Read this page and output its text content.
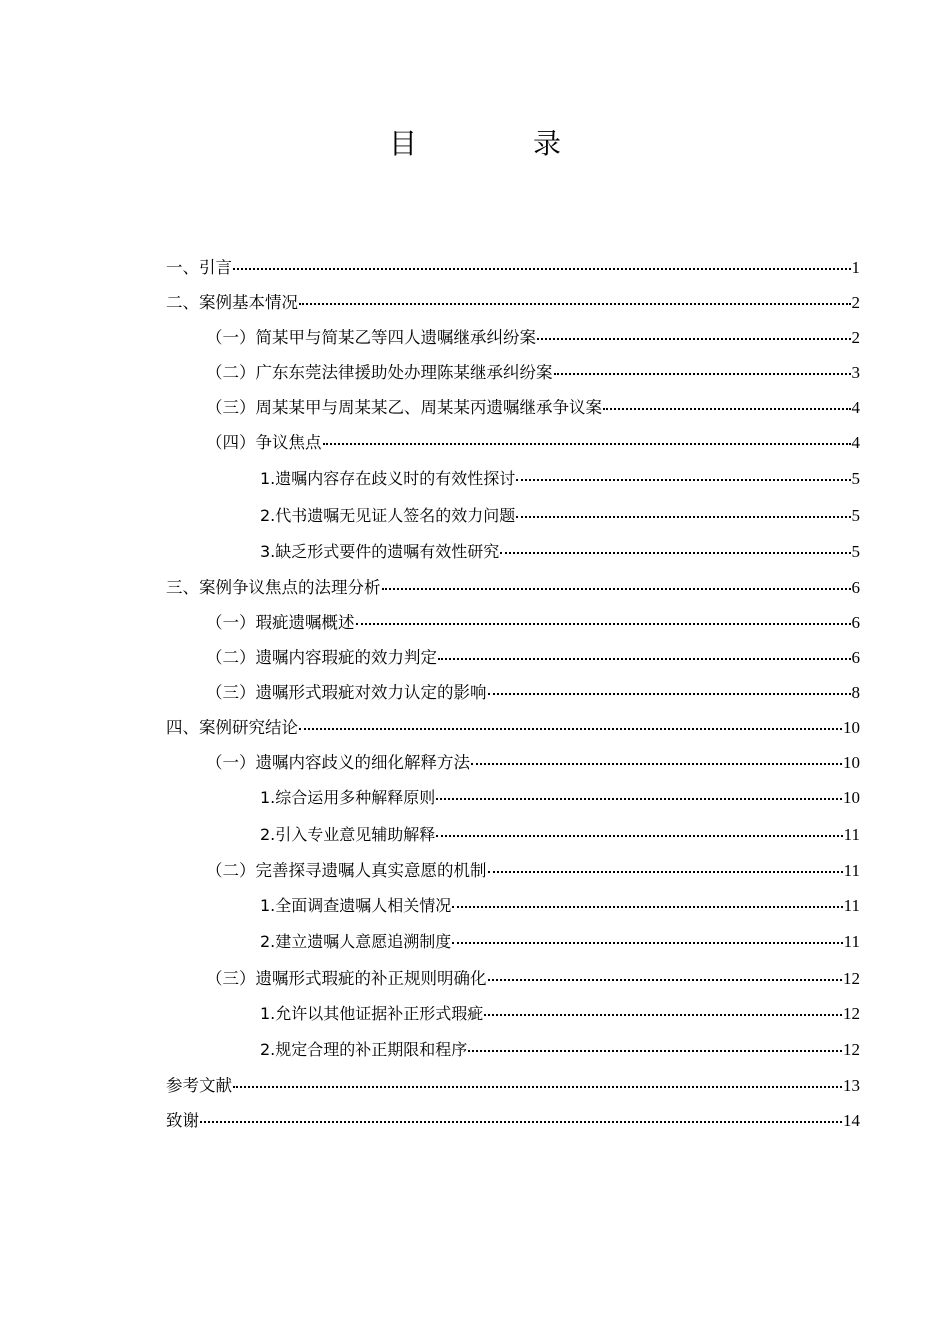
目　录
一、引言	1
二、案例基本情况	2
（一）简某甲与简某乙等四人遗嘱继承纠纷案	2
（二）广东东莞法律援助处办理陈某继承纠纷案	3
（三）周某某甲与周某某乙、周某某丙遗嘱继承争议案	4
（四）争议焦点	4
1.遗嘱内容存在歧义时的有效性探讨	5
2.代书遗嘱无见证人签名的效力问题	5
3.缺乏形式要件的遗嘱有效性研究	5
三、案例争议焦点的法理分析	6
（一）瑕疵遗嘱概述	6
（二）遗嘱内容瑕疵的效力判定	6
（三）遗嘱形式瑕疵对效力认定的影响	8
四、案例研究结论	10
（一）遗嘱内容歧义的细化解释方法	10
1.综合运用多种解释原则	10
2.引入专业意见辅助解释	11
（二）完善探寻遗嘱人真实意愿的机制	11
1.全面调查遗嘱人相关情况	11
2.建立遗嘱人意愿追溯制度	11
（三）遗嘱形式瑕疵的补正规则明确化	12
1.允许以其他证据补正形式瑕疵	12
2.规定合理的补正期限和程序	12
参考文献	13
致谢	14
